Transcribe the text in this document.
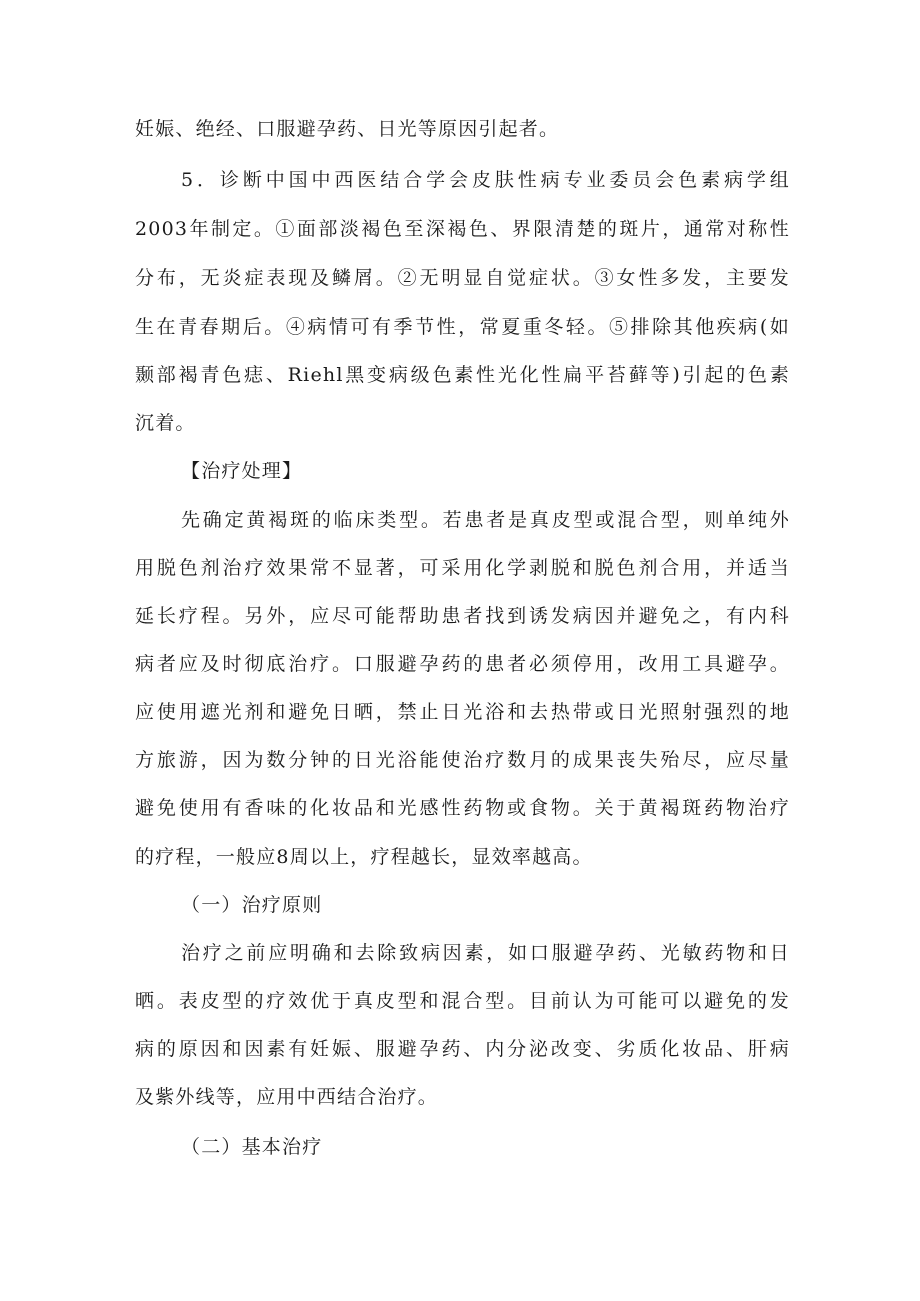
妊娠、绝经、口服避孕药、日光等原因引起者。
5．诊断中国中西医结合学会皮肤性病专业委员会色素病学组
2003年制定。①面部淡褐色至深褐色、界限清楚的斑片，通常对称性
分布，无炎症表现及鳞屑。②无明显自觉症状。③女性多发，主要发
生在青春期后。④病情可有季节性，常夏重冬轻。⑤排除其他疾病(如
颞部褐青色痣、Riehl黑变病级色素性光化性扁平苔藓等)引起的色素
沉着。
【治疗处理】
先确定黄褐斑的临床类型。若患者是真皮型或混合型，则单纯外
用脱色剂治疗效果常不显著，可采用化学剥脱和脱色剂合用，并适当
延长疗程。另外，应尽可能帮助患者找到诱发病因并避免之，有内科
病者应及时彻底治疗。口服避孕药的患者必须停用，改用工具避孕。
应使用遮光剂和避免日晒，禁止日光浴和去热带或日光照射强烈的地
方旅游，因为数分钟的日光浴能使治疗数月的成果丧失殆尽，应尽量
避免使用有香味的化妆品和光感性药物或食物。关于黄褐斑药物治疗
的疗程，一般应8周以上，疗程越长，显效率越高。
（一）治疗原则
治疗之前应明确和去除致病因素，如口服避孕药、光敏药物和日
晒。表皮型的疗效优于真皮型和混合型。目前认为可能可以避免的发
病的原因和因素有妊娠、服避孕药、内分泌改变、劣质化妆品、肝病
及紫外线等，应用中西结合治疗。
（二）基本治疗
